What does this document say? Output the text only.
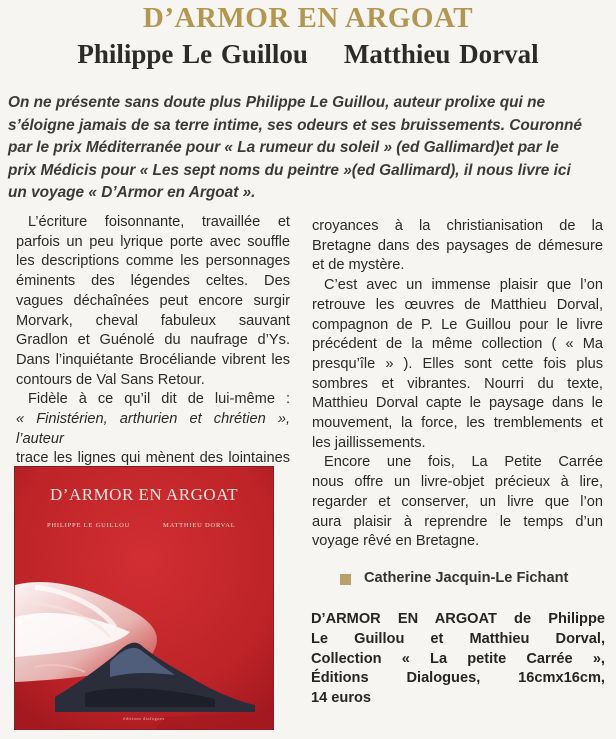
D’ARMOR EN ARGOAT
Philippe Le Guillou Matthieu Dorval
On ne présente sans doute plus Philippe Le Guillou, auteur prolixe qui ne
s’éloigne jamais de sa terre intime, ses odeurs et ses bruissements. Couronné
par le prix Méditerranée pour « La rumeur du soleil » (ed Gallimard)et par le
prix Médicis pour « Les sept noms du peintre »(ed Gallimard), il nous livre ici
un voyage « D’Armor en Argoat ».
L’écriture foisonnante, travaillée et
parfois un peu lyrique porte avec souffle
les descriptions comme les personnages
éminents des légendes celtes. Des
vagues déchaînées peut encore surgir
Morvark, cheval fabuleux sauvant
Gradlon et Guénolé du naufrage d’Ys.
Dans l’inquiétante Brocéliande vibrent les
contours de Val Sans Retour.
Fidèle à ce qu’il dit de lui-même :
« Finistérien, arthurien et chrétien », l’auteur
trace les lignes qui mènent des lointaines
croyances à la christianisation de la
Bretagne dans des paysages de démesure
et de mystère.
C’est avec un immense plaisir que l’on
retrouve les œuvres de Matthieu Dorval,
compagnon de P. Le Guillou pour le livre
précédent de la même collection ( « Ma
presqu’île » ). Elles sont cette fois plus
sombres et vibrantes. Nourri du texte,
Matthieu Dorval capte le paysage dans le
mouvement, la force, les tremblements et
les jaillissements.
Encore une fois, La Petite Carrée
nous offre un livre-objet précieux à lire,
regarder et conserver, un livre que l’on
aura plaisir à reprendre le temps d’un
voyage rêvé en Bretagne.
D’ARMOR EN ARGOAT
PHILIPPE LE GUILLOU	MATTHIEU DORVAL
éditions dialogues
Catherine Jacquin-Le Fichant
D’ARMOR EN ARGOAT de Philippe
Le Guillou et Matthieu Dorval,
Collection « La petite Carrée »,
Éditions Dialogues, 16cmx16cm,
14 euros
